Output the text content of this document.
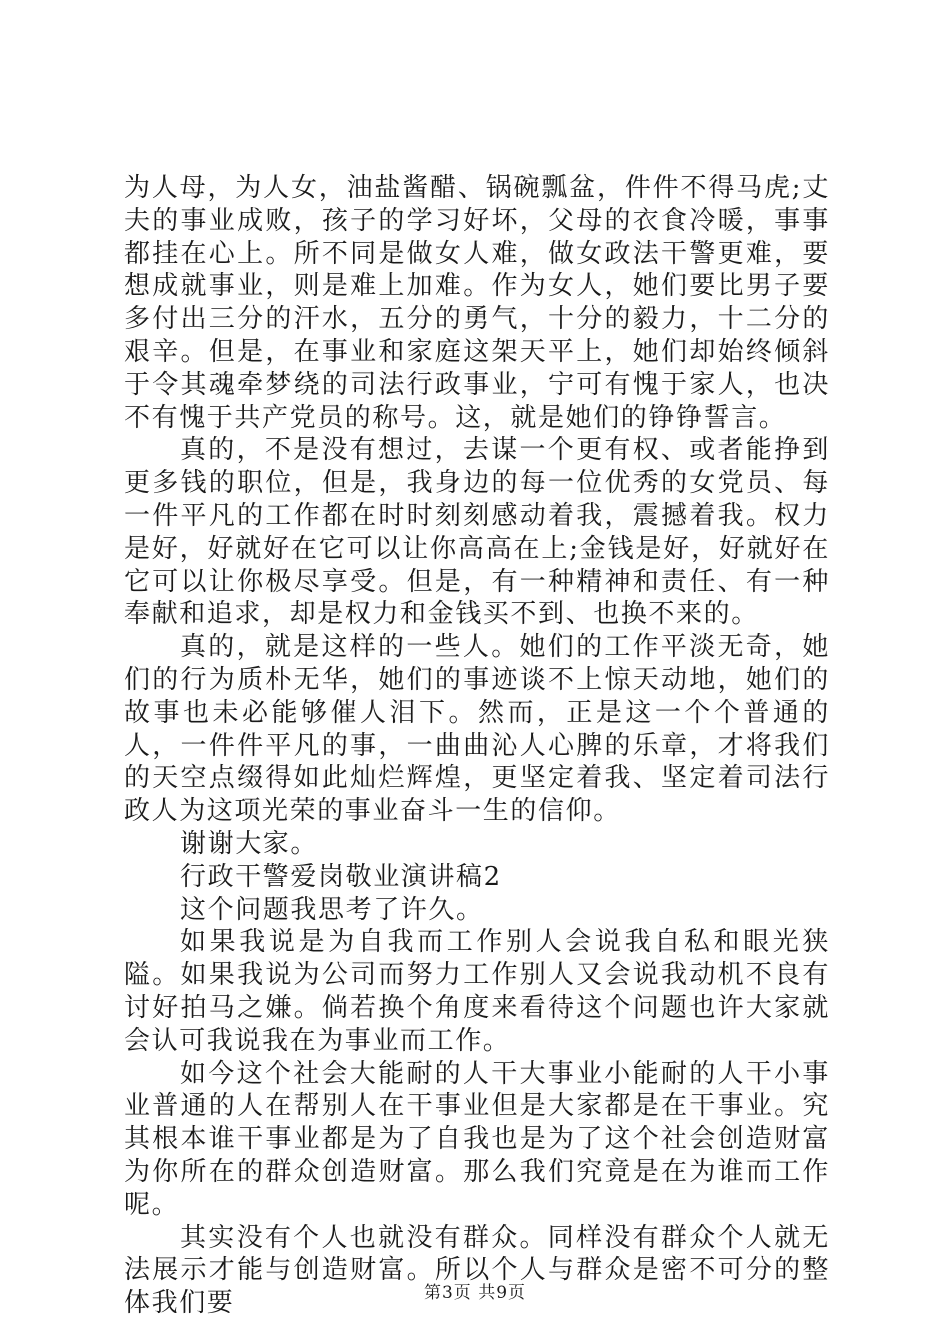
为人母，为人女，油盐酱醋、锅碗瓢盆，件件不得马虎;丈夫的事业成败，孩子的学习好坏，父母的衣食冷暖，事事都挂在心上。所不同是做女人难，做女政法干警更难，要想成就事业，则是难上加难。作为女人，她们要比男子要多付出三分的汗水，五分的勇气，十分的毅力，十二分的艰辛。但是，在事业和家庭这架天平上，她们却始终倾斜于令其魂牵梦绕的司法行政事业，宁可有愧于家人，也决不有愧于共产党员的称号。这，就是她们的铮铮誓言。

真的，不是没有想过，去谋一个更有权、或者能挣到更多钱的职位，但是，我身边的每一位优秀的女党员、每一件平凡的工作都在时时刻刻感动着我，震撼着我。权力是好，好就好在它可以让你高高在上;金钱是好，好就好在它可以让你极尽享受。但是，有一种精神和责任、有一种奉献和追求，却是权力和金钱买不到、也换不来的。

真的，就是这样的一些人。她们的工作平淡无奇，她们的行为质朴无华，她们的事迹谈不上惊天动地，她们的故事也未必能够催人泪下。然而，正是这一个个普通的人，一件件平凡的事，一曲曲沁人心脾的乐章，才将我们的天空点缀得如此灿烂辉煌，更坚定着我、坚定着司法行政人为这项光荣的事业奋斗一生的信仰。

谢谢大家。

行政干警爱岗敬业演讲稿2

这个问题我思考了许久。

如果我说是为自我而工作别人会说我自私和眼光狭隘。如果我说为公司而努力工作别人又会说我动机不良有讨好拍马之嫌。倘若换个角度来看待这个问题也许大家就会认可我说我在为事业而工作。

如今这个社会大能耐的人干大事业小能耐的人干小事业普通的人在帮别人在干事业但是大家都是在干事业。究其根本谁干事业都是为了自我也是为了这个社会创造财富为你所在的群众创造财富。那么我们究竟是在为谁而工作呢。

其实没有个人也就没有群众。同样没有群众个人就无法展示才能与创造财富。所以个人与群众是密不可分的整体我们要	第3页 共9页
